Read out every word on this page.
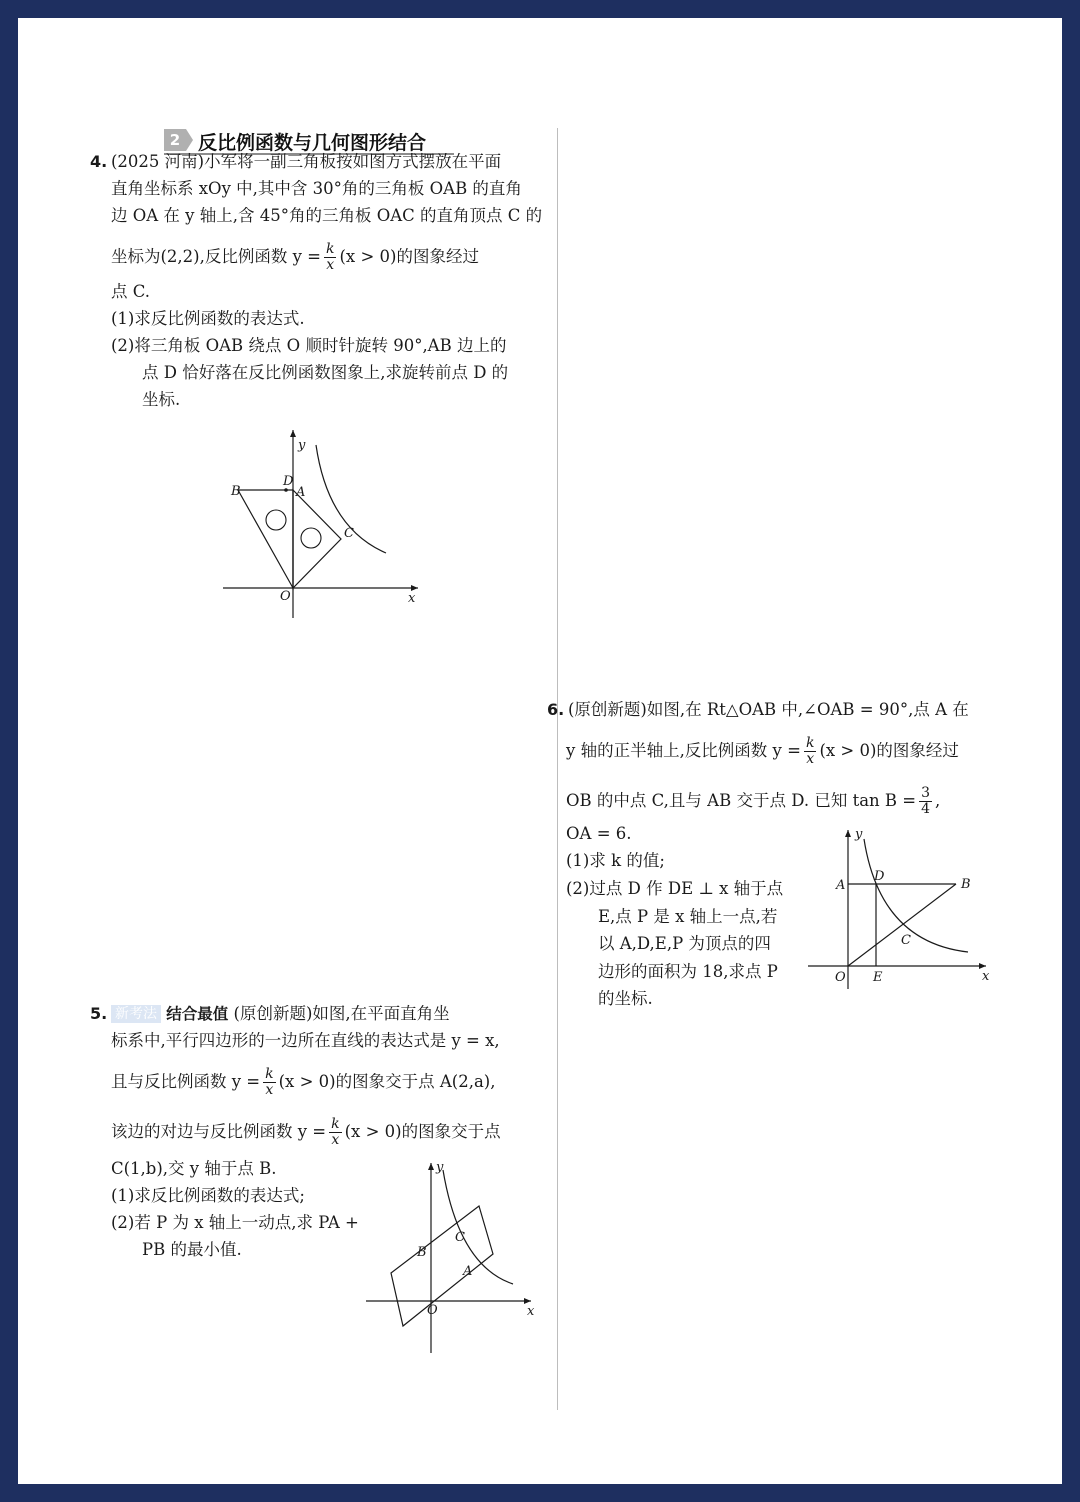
2 反比例函数与几何图形结合
4. (2025 河南)小军将一副三角板按如图方式摆放在平面
直角坐标系 xOy 中,其中含 30°角的三角板 OAB 的直角
边 OA 在 y 轴上,含 45°角的三角板 OAC 的直角顶点 C 的
坐标为(2,2),反比例函数 $y = \frac{k}{x} (x > 0)$的图象经过
点 C.
(1)求反比例函数的表达式.
(2)将三角板 OAB 绕点 O 顺时针旋转 90°,AB 边上的
点 D 恰好落在反比例函数图象上,求旋转前点 D 的
坐标.
B
D
A
C
y
x
O
5. 新考法 结合最值 (原创新题)如图,在平面直角坐
标系中,平行四边形的一边所在直线的表达式是 y = x,
且与反比例函数 $y = \frac{k}{x} (x > 0)$的图象交于点 A(2,a),
该边的对边与反比例函数 $y = \frac{k}{x} (x > 0)$的图象交于点
C(1,b),交 y 轴于点 B.
(1)求反比例函数的表达式;
(2)若 P 为 x 轴上一动点,求 PA +
PB 的最小值.
y
x
B
C
A
O
6. (原创新题)如图,在 Rt△OAB 中,∠OAB = 90°,点 A 在
y 轴的正半轴上,反比例函数 $y = \frac{k}{x} (x > 0)$的图象经过
OB 的中点 C,且与 AB 交于点 D. 已知 $\tan B = \frac{3}{4}$ ,
OA = 6.
(1)求 k 的值;
(2)过点 D 作 DE ⊥ x 轴于点
E,点 P 是 x 轴上一点,若
以 A,D,E,P 为顶点的四
边形的面积为 18,求点 P
的坐标.
y
x
A
D
B
C
O E
